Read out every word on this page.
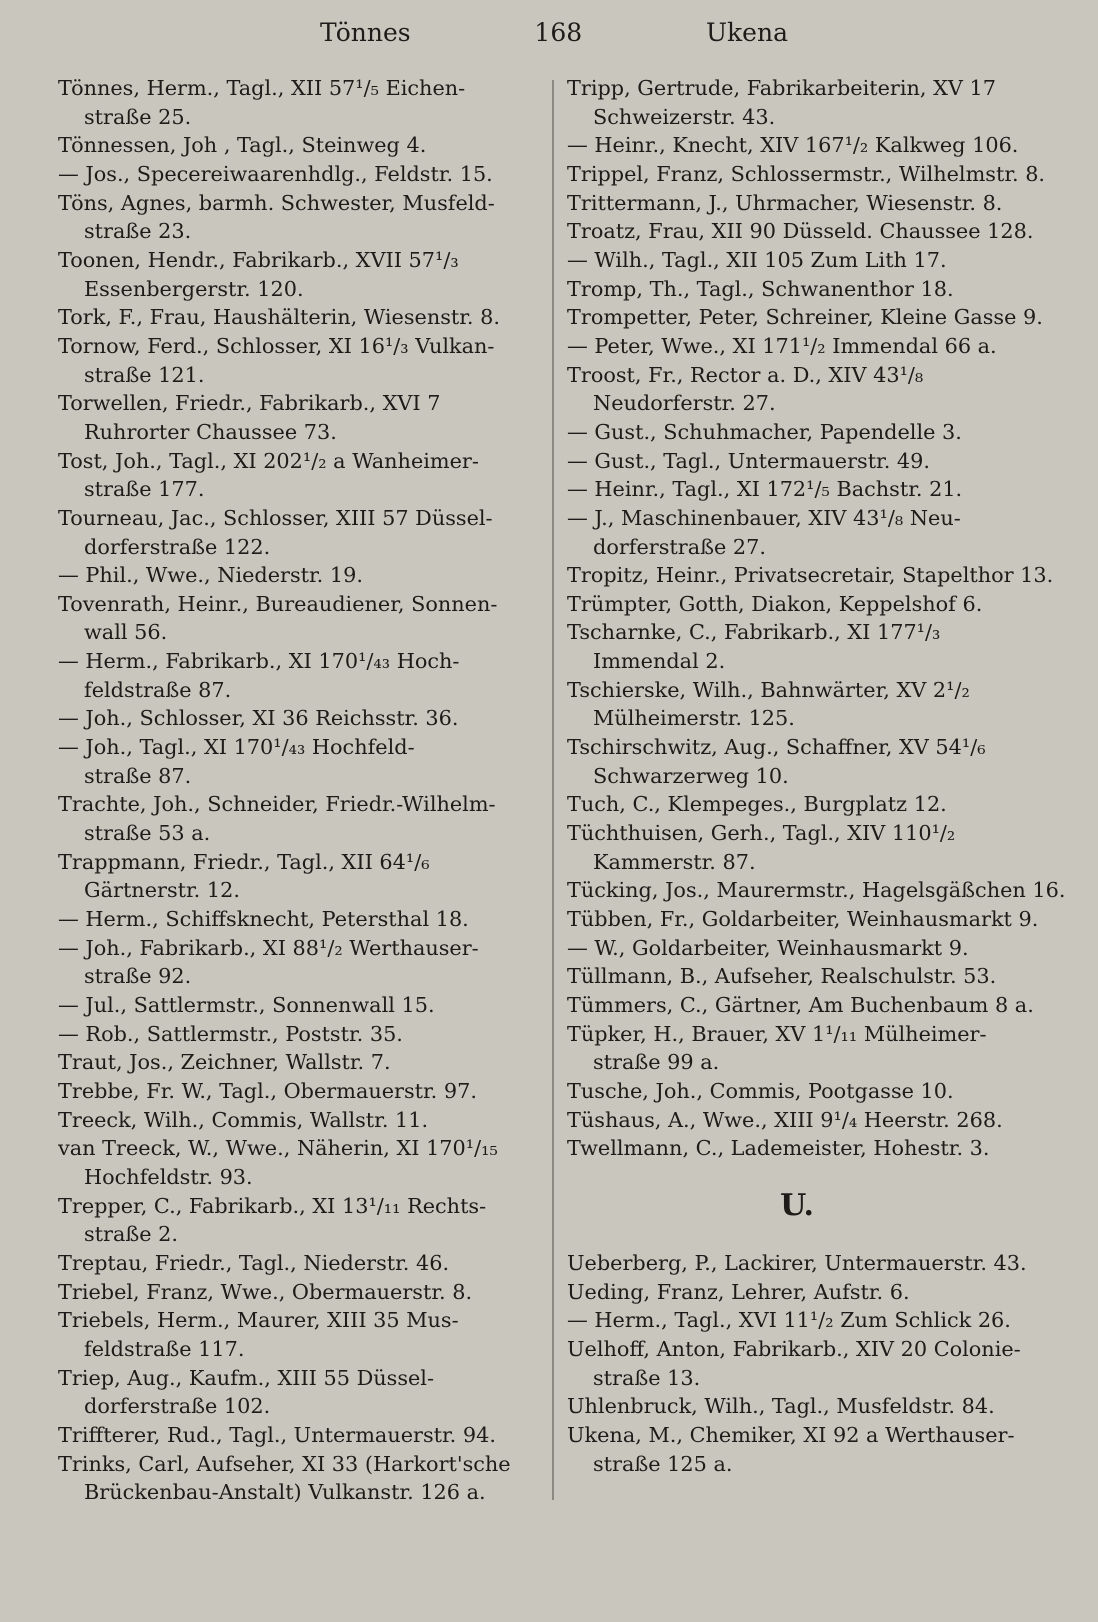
Tönnes	168	Ukena

Tönnes, Herm., Tagl., XII 57¹/₅ Eichen-

straße 25.

Tönnessen, Joh , Tagl., Steinweg 4.

— Jos., Specereiwaarenhdlg., Feldstr. 15.

Töns, Agnes, barmh. Schwester, Musfeld-

straße 23.

Toonen, Hendr., Fabrikarb., XVII 57¹/₃

Essenbergerstr. 120.

Tork, F., Frau, Haushälterin, Wiesenstr. 8.

Tornow, Ferd., Schlosser, XI 16¹/₃ Vulkan-

straße 121.

Torwellen, Friedr., Fabrikarb., XVI 7

Ruhrorter Chaussee 73.

Tost, Joh., Tagl., XI 202¹/₂ a Wanheimer-

straße 177.

Tourneau, Jac., Schlosser, XIII 57 Düssel-

dorferstraße 122.

— Phil., Wwe., Niederstr. 19.

Tovenrath, Heinr., Bureaudiener, Sonnen-

wall 56.

— Herm., Fabrikarb., XI 170¹/₄₃ Hoch-

feldstraße 87.

— Joh., Schlosser, XI 36 Reichsstr. 36.

— Joh., Tagl., XI 170¹/₄₃ Hochfeld-

straße 87.

Trachte, Joh., Schneider, Friedr.-Wilhelm-

straße 53 a.

Trappmann, Friedr., Tagl., XII 64¹/₆

Gärtnerstr. 12.

— Herm., Schiffsknecht, Petersthal 18.

— Joh., Fabrikarb., XI 88¹/₂ Werthauser-

straße 92.

— Jul., Sattlermstr., Sonnenwall 15.

— Rob., Sattlermstr., Poststr. 35.

Traut, Jos., Zeichner, Wallstr. 7.

Trebbe, Fr. W., Tagl., Obermauerstr. 97.

Treeck, Wilh., Commis, Wallstr. 11.

van Treeck, W., Wwe., Näherin, XI 170¹/₁₅

Hochfeldstr. 93.

Trepper, C., Fabrikarb., XI 13¹/₁₁ Rechts-

straße 2.

Treptau, Friedr., Tagl., Niederstr. 46.

Triebel, Franz, Wwe., Obermauerstr. 8.

Triebels, Herm., Maurer, XIII 35 Mus-

feldstraße 117.

Triep, Aug., Kaufm., XIII 55 Düssel-

dorferstraße 102.

Triffterer, Rud., Tagl., Untermauerstr. 94.

Trinks, Carl, Aufseher, XI 33 (Harkort'sche

Brückenbau-Anstalt) Vulkanstr. 126 a.

Tripp, Gertrude, Fabrikarbeiterin, XV 17

Schweizerstr. 43.

— Heinr., Knecht, XIV 167¹/₂ Kalkweg 106.

Trippel, Franz, Schlossermstr., Wilhelmstr. 8.

Trittermann, J., Uhrmacher, Wiesenstr. 8.

Troatz, Frau, XII 90 Düsseld. Chaussee 128.

— Wilh., Tagl., XII 105 Zum Lith 17.

Tromp, Th., Tagl., Schwanenthor 18.

Trompetter, Peter, Schreiner, Kleine Gasse 9.

— Peter, Wwe., XI 171¹/₂ Immendal 66 a.

Troost, Fr., Rector a. D., XIV 43¹/₈

Neudorferstr. 27.

— Gust., Schuhmacher, Papendelle 3.

— Gust., Tagl., Untermauerstr. 49.

— Heinr., Tagl., XI 172¹/₅ Bachstr. 21.

— J., Maschinenbauer, XIV 43¹/₈ Neu-

dorferstraße 27.

Tropitz, Heinr., Privatsecretair, Stapelthor 13.

Trümpter, Gotth, Diakon, Keppelshof 6.

Tscharnke, C., Fabrikarb., XI 177¹/₃

Immendal 2.

Tschierske, Wilh., Bahnwärter, XV 2¹/₂

Mülheimerstr. 125.

Tschirschwitz, Aug., Schaffner, XV 54¹/₆

Schwarzerweg 10.

Tuch, C., Klempeges., Burgplatz 12.

Tüchthuisen, Gerh., Tagl., XIV 110¹/₂

Kammerstr. 87.

Tücking, Jos., Maurermstr., Hagelsgäßchen 16.

Tübben, Fr., Goldarbeiter, Weinhausmarkt 9.

— W., Goldarbeiter, Weinhausmarkt 9.

Tüllmann, B., Aufseher, Realschulstr. 53.

Tümmers, C., Gärtner, Am Buchenbaum 8 a.

Tüpker, H., Brauer, XV 1¹/₁₁ Mülheimer-

straße 99 a.

Tusche, Joh., Commis, Pootgasse 10.

Tüshaus, A., Wwe., XIII 9¹/₄ Heerstr. 268.

Twellmann, C., Lademeister, Hohestr. 3.

U.

Ueberberg, P., Lackirer, Untermauerstr. 43.

Ueding, Franz, Lehrer, Aufstr. 6.

— Herm., Tagl., XVI 11¹/₂ Zum Schlick 26.

Uelhoff, Anton, Fabrikarb., XIV 20 Colonie-

straße 13.

Uhlenbruck, Wilh., Tagl., Musfeldstr. 84.

Ukena, M., Chemiker, XI 92 a Werthauser-

straße 125 a.
